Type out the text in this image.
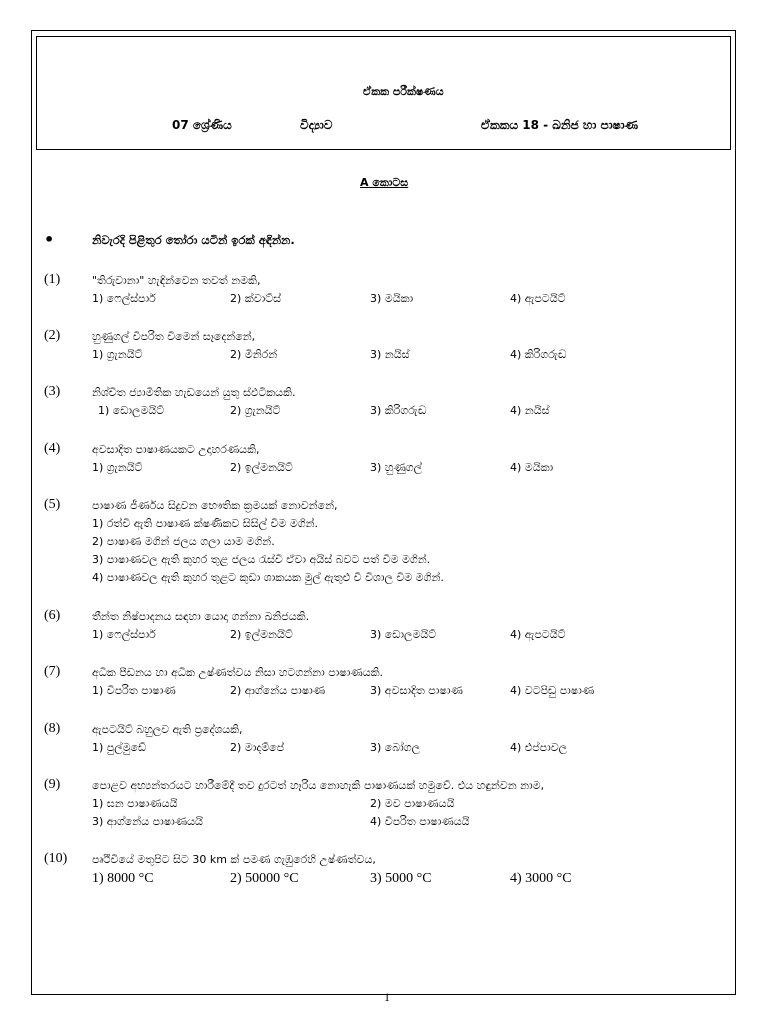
ඒකක පරීක්ෂණය
07 ශ්‍රේණිය	විද්‍යාව	ඒකකය 18 - ඛනිජ හා පාෂාණ
A කොටස
•	නිවැරදි පිළිතුර තෝරා යටින් ඉරක් අඳින්න.
(1)	"තිරුවානා" හැඳින්වෙන තවත් නමකි,
1) ෆෙල්ස්පාර්	2) ක්වාට්ස්	3) මයිකා	4) ඇපටයිට්
(2)	හුණුගල් විපරිත වීමෙන් සෑදෙන්නේ,
1) ග්‍රැනයිට්	2) මිනිරන්	3) නයිස්	4) කිරිගරුඬ
(3)	නිශ්චිත ජ්‍යාමිතික හැඩයෙන් යුතු ස්ඵටිකයකි.
1) ඩොලමයිට්	2) ග්‍රැනයිට්	3) කිරිගරුඬ	4) නයිස්
(4)	අවසාදිත පාෂාණයකට උදාහරණයකි,
1) ග්‍රැනයිට්	2) ඉල්මනයිට්	3) හුණුගල්	4) මයිකා
(5)	පාෂාණ ජීර්ණය සිදුවන භෞතික ක්‍රමයක් නොවන්නේ,
1) රත්වී ඇති පාෂාණ ක්ෂණිකව සිසිල් වීම මගින්.
2) පාෂාණ මගින් ජලය ගලා යාම මගින්.
3) පාෂාණවල ඇති කුහර තුළ ජලය රැස්වී ඒවා අයිස් බවට පත් වීම මගින්.
4) පාෂාණවල ඇති කුහර තුළට කුඩා ශාකයක මුල් ඇතුළු වී විශාල වීම මගින්.
(6)	තීන්ත නිෂ්පාදනය සඳහා යොදා ගන්නා ඛනිජයකි.
1) ෆෙල්ස්පාර්	2) ඉල්මනයිට්	3) ඩොලමයිට්	4) ඇපටයිට්
(7)	අධික පීඩනය හා අධික උෂ්ණත්වය නිසා හටගන්නා පාෂාණයකි.
1) විපරිත පාෂාණ	2) ආග්නේය පාෂාණ	3) අවසාදිත පාෂාණ	4) වටපිඩු පාෂාණ
(8)	ඇපටයිට් බහුලව ඇති ප්‍රදේශයකි,
1) පුල්මුඩේ	2) මාදම්පේ	3) බෝගල	4) එප්පාවල
(9)	පොළව අභ්‍යන්තරයට හාරීමේදී තව දුරටත් හෑරිය නොහැකි පාෂාණයක් හමුවේ. එය හඳුන්වන නාම,
1) ඝන පාෂාණයයි	2) මව පාෂාණයයි
3) ආග්නේය පාෂාණයයි	4) විපරිත පාෂාණයයි
(10) පෘථිවියේ මතුපිට සිට 30 km ක් පමණ ගැඹුරෙහි උෂ්ණත්වය,
1) 8000 °C	2) 50000 °C	3) 5000 °C	4) 3000 °C
1
